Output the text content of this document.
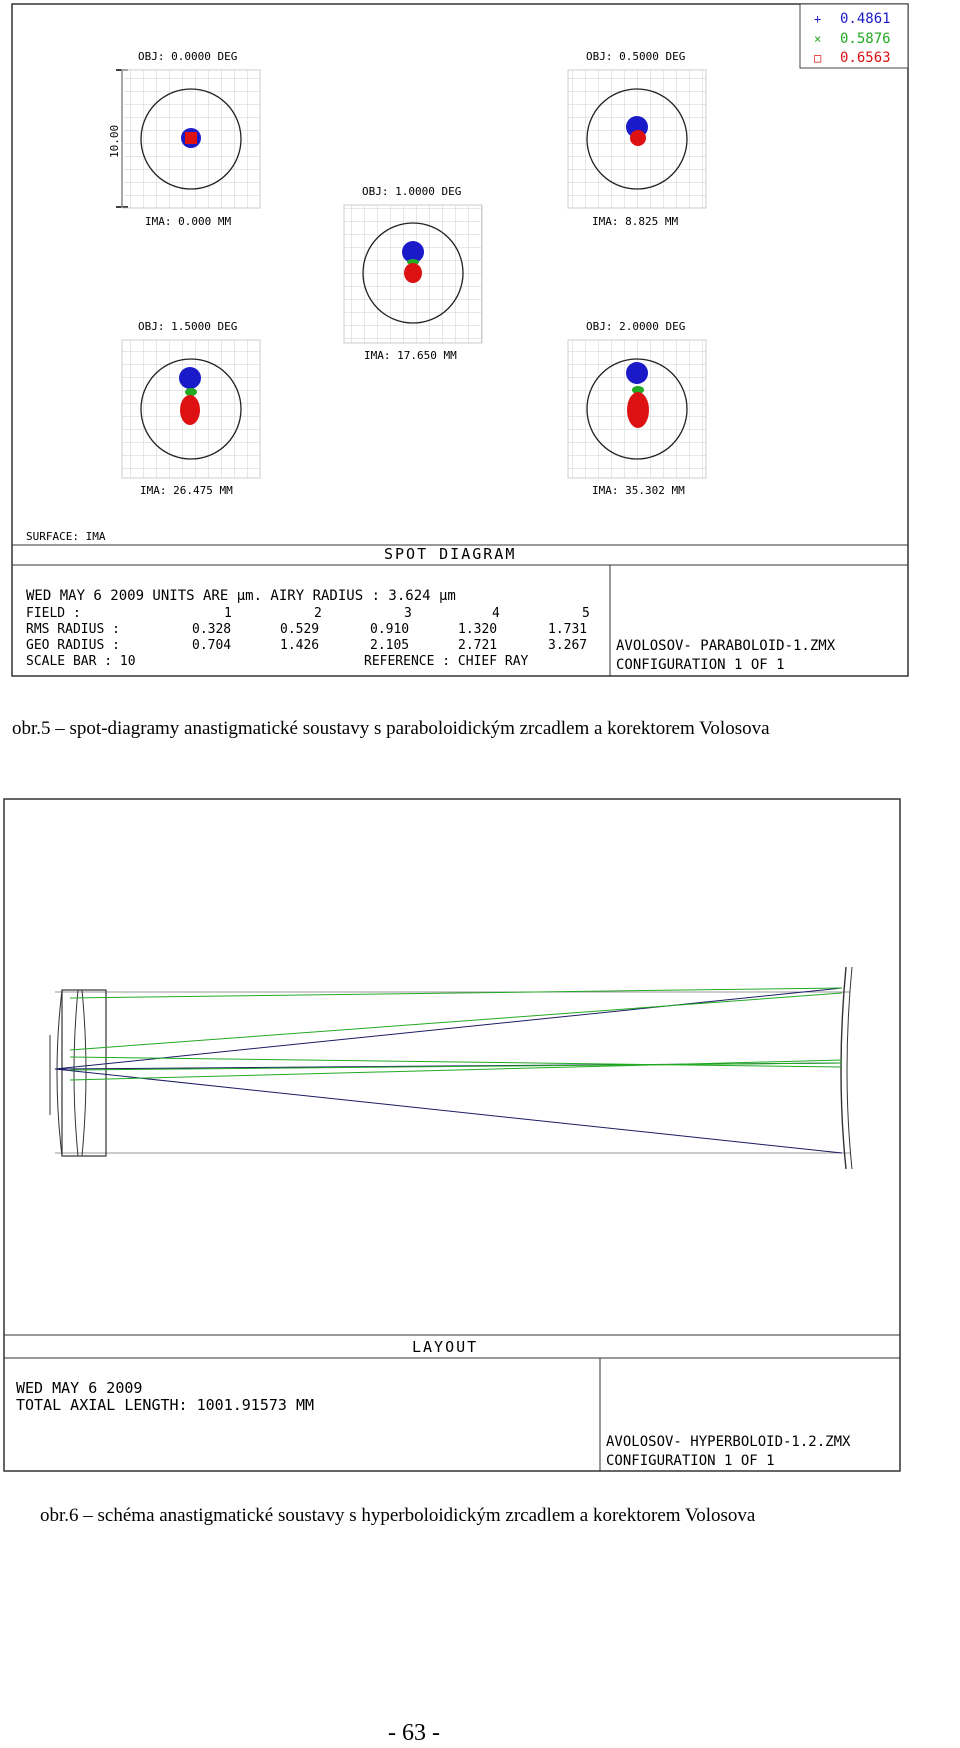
+ 0.4861
× 0.5876
□ 0.6563
10.00
OBJ: 0.0000 DEG
IMA: 0.000 MM
OBJ: 0.5000 DEG
IMA: 8.825 MM
OBJ: 1.0000 DEG
IMA: 17.650 MM
OBJ: 1.5000 DEG
IMA: 26.475 MM
OBJ: 2.0000 DEG
IMA: 35.302 MM
SURFACE: IMA
SPOT DIAGRAM
WED MAY 6 2009 UNITS ARE µm. AIRY RADIUS : 3.624 µm
FIELD :	1	2	3	4	5
RMS RADIUS :	0.328	0.529	0.910	1.320	1.731
GEO RADIUS :	0.704	1.426	2.105	2.721	3.267
SCALE BAR : 10	REFERENCE : CHIEF RAY
AVOLOSOV- PARABOLOID-1.ZMX
CONFIGURATION 1 OF 1
obr.5 – spot-diagramy anastigmatické soustavy s paraboloidickým zrcadlem a korektorem Volosova
LAYOUT
WED MAY 6 2009
TOTAL AXIAL LENGTH: 1001.91573 MM
AVOLOSOV- HYPERBOLOID-1.2.ZMX
CONFIGURATION 1 OF 1
obr.6 – schéma anastigmatické soustavy s hyperboloidickým zrcadlem a korektorem Volosova
- 63 -
